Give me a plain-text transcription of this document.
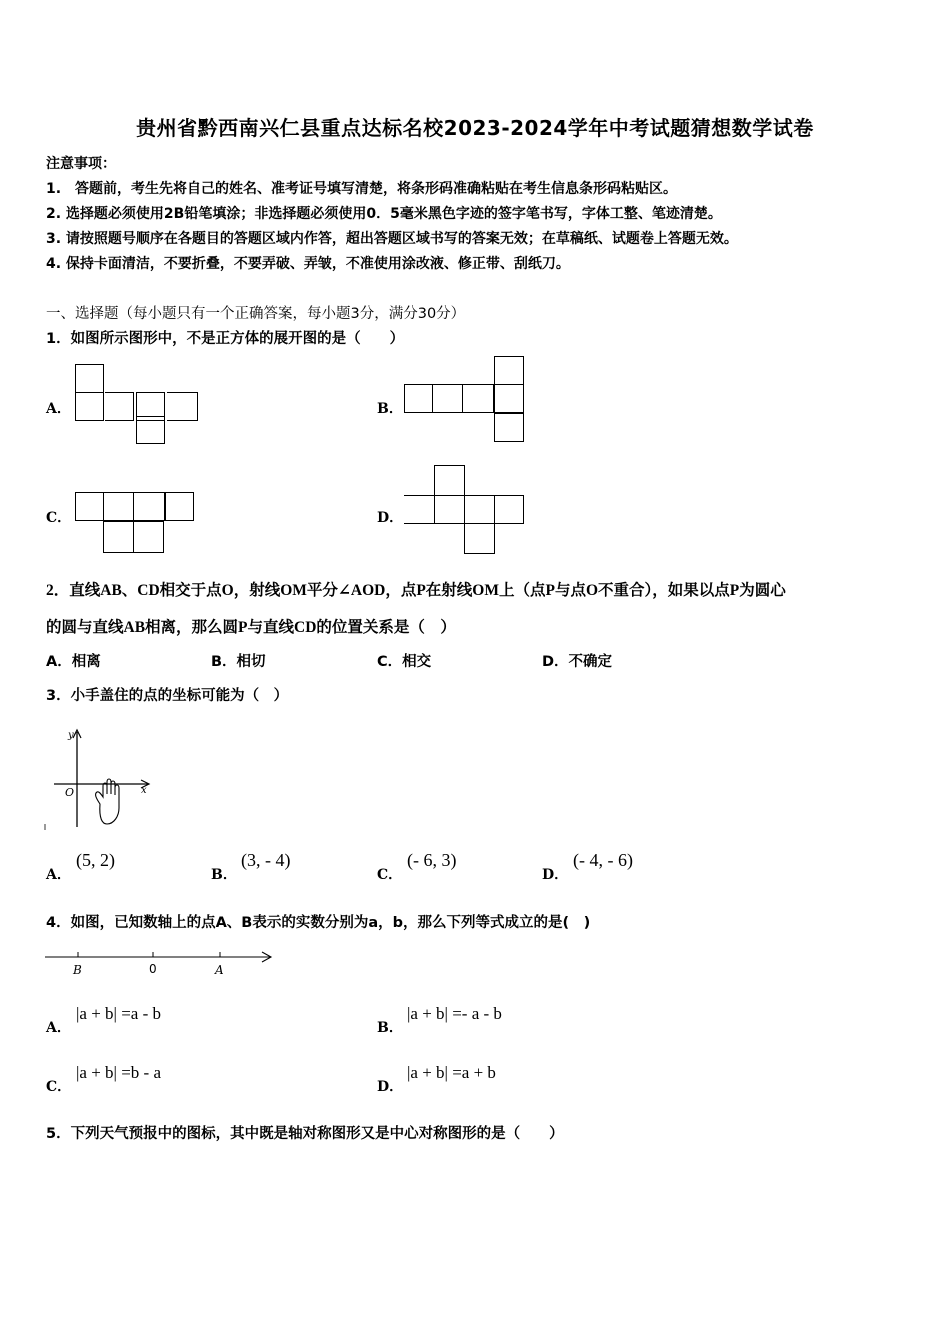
贵州省黔西南兴仁县重点达标名校2023-2024学年中考试题猜想数学试卷
注意事项：
1.　答题前，考生先将自己的姓名、准考证号填写清楚，将条形码准确粘贴在考生信息条形码粘贴区。
2. 选择题必须使用2B铅笔填涂；非选择题必须使用0．5毫米黑色字迹的签字笔书写，字体工整、笔迹清楚。
3. 请按照题号顺序在各题目的答题区域内作答，超出答题区域书写的答案无效；在草稿纸、试题卷上答题无效。
4. 保持卡面清洁，不要折叠，不要弄破、弄皱，不准使用涂改液、修正带、刮纸刀。
一、选择题（每小题只有一个正确答案，每小题3分，满分30分）
1．如图所示图形中，不是正方体的展开图的是（　　）
A．	B．
C．	D．
2．直线AB、CD相交于点O，射线OM平分∠AOD，点P在射线OM上（点P与点O不重合），如果以点P为圆心
的圆与直线AB相离，那么圆P与直线CD的位置关系是（　）
A．相离	B．相切	C．相交	D．不确定
3．小手盖住的点的坐标可能为（　）
y
x
O
A．
(5, 2)
B．
(3, - 4)
C．
(- 6, 3)
D．
(- 4, - 6)
4．如图，已知数轴上的点A、B表示的实数分别为a，b，那么下列等式成立的是(　)
B	0	A
A．
|a + b| =a - b
B．
|a + b| =- a - b
C．
|a + b| =b - a
D．
|a + b| =a + b
5．下列天气预报中的图标，其中既是轴对称图形又是中心对称图形的是（　　）
